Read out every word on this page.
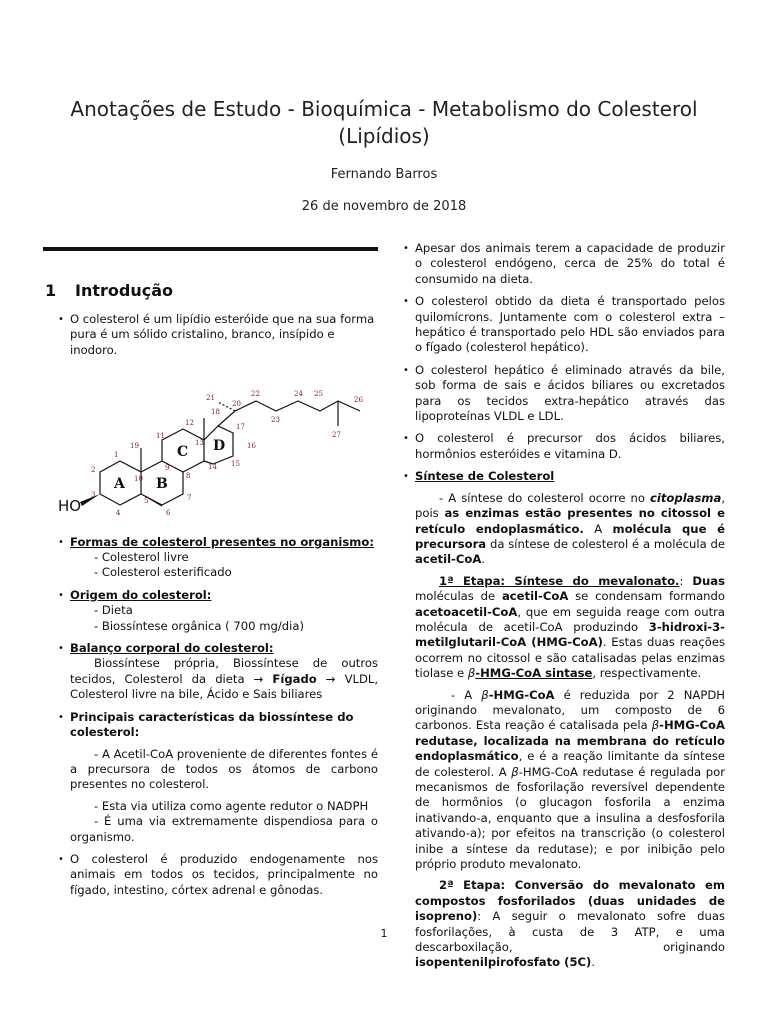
Anotações de Estudo - Bioquímica - Metabolismo do Colesterol
(Lipídios)
Fernando Barros
26 de novembro de 2018
1 Introdução
• O colesterol é um lipídio esteróide que na sua forma pura é um sólido cristalino, branco, insípido e inodoro.
HO
A B
C D
1
2
3
4
5
6
7
8
9
10
11
12
13
14 15
16
17
18
19
20
21	22
23
24 25
26
27
• Formas de colesterol presentes no organismo:
- Colesterol livre
- Colesterol esterificado
• Origem do colesterol:
- Dieta
- Biossíntese orgânica ( 700 mg/dia)
• Balanço corporal do colesterol:

Biossíntese própria, Biossíntese de outros tecidos, Colesterol da dieta → Fígado → VLDL, Colesterol livre na bile, Ácido e Sais biliares

• Principais características da biossíntese do colesterol:

- A Acetil-CoA proveniente de diferentes fontes é a precursora de todos os átomos de carbono presentes no colesterol.

- Esta via utiliza como agente redutor o NADPH

- É uma via extremamente dispendiosa para o organismo.

• O colesterol é produzido endogenamente nos animais em todos os tecidos, principalmente no fígado, intestino, córtex adrenal e gônodas.
• Apesar dos animais terem a capacidade de produzir o colesterol endógeno, cerca de 25% do total é consumido na dieta.
• O colesterol obtido da dieta é transportado pelos quilomícrons. Juntamente com o colesterol extra –hepático é transportado pelo HDL são enviados para o fígado (colesterol hepático).
• O colesterol hepático é eliminado através da bile, sob forma de sais e ácidos biliares ou excretados para os tecidos extra-hepático através das lipoproteínas VLDL e LDL.
• O colesterol é precursor dos ácidos biliares, hormônios esteróides e vitamina D.
• Síntese de Colesterol

- A síntese do colesterol ocorre no citoplasma, pois as enzimas estão presentes no citossol e retículo endoplasmático. A molécula que é precursora da síntese de colesterol é a molécula de acetil-CoA.

1ª Etapa: Síntese do mevalonato.: Duas moléculas de acetil-CoA se condensam formando acetoacetil-CoA, que em seguida reage com outra molécula de acetil-CoA produzindo 3-hidroxi-3-metilglutaril-CoA (HMG-CoA). Estas duas reações ocorrem no citossol e são catalisadas pelas enzimas tiolase e β-HMG-CoA sintase, respectivamente.

- A β-HMG-CoA é reduzida por 2 NAPDH originando mevalonato, um composto de 6 carbonos. Esta reação é catalisada pela β-HMG-CoA redutase, localizada na membrana do retículo endoplasmático, e é a reação limitante da síntese de colesterol. A β-HMG-CoA redutase é regulada por mecanismos de fosforilação reversível dependente de hormônios (o glucagon fosforila a enzima inativando-a, enquanto que a insulina a desfosforila ativando-a); por efeitos na transcrição (o colesterol inibe a síntese da redutase); e por inibição pelo próprio produto mevalonato.

2ª Etapa: Conversão do mevalonato em compostos fosforilados (duas unidades de isopreno): A seguir o mevalonato sofre duas fosforilações, à custa de 3 ATP, e uma descarboxilação, originando isopentenilpirofosfato (5C).

1
